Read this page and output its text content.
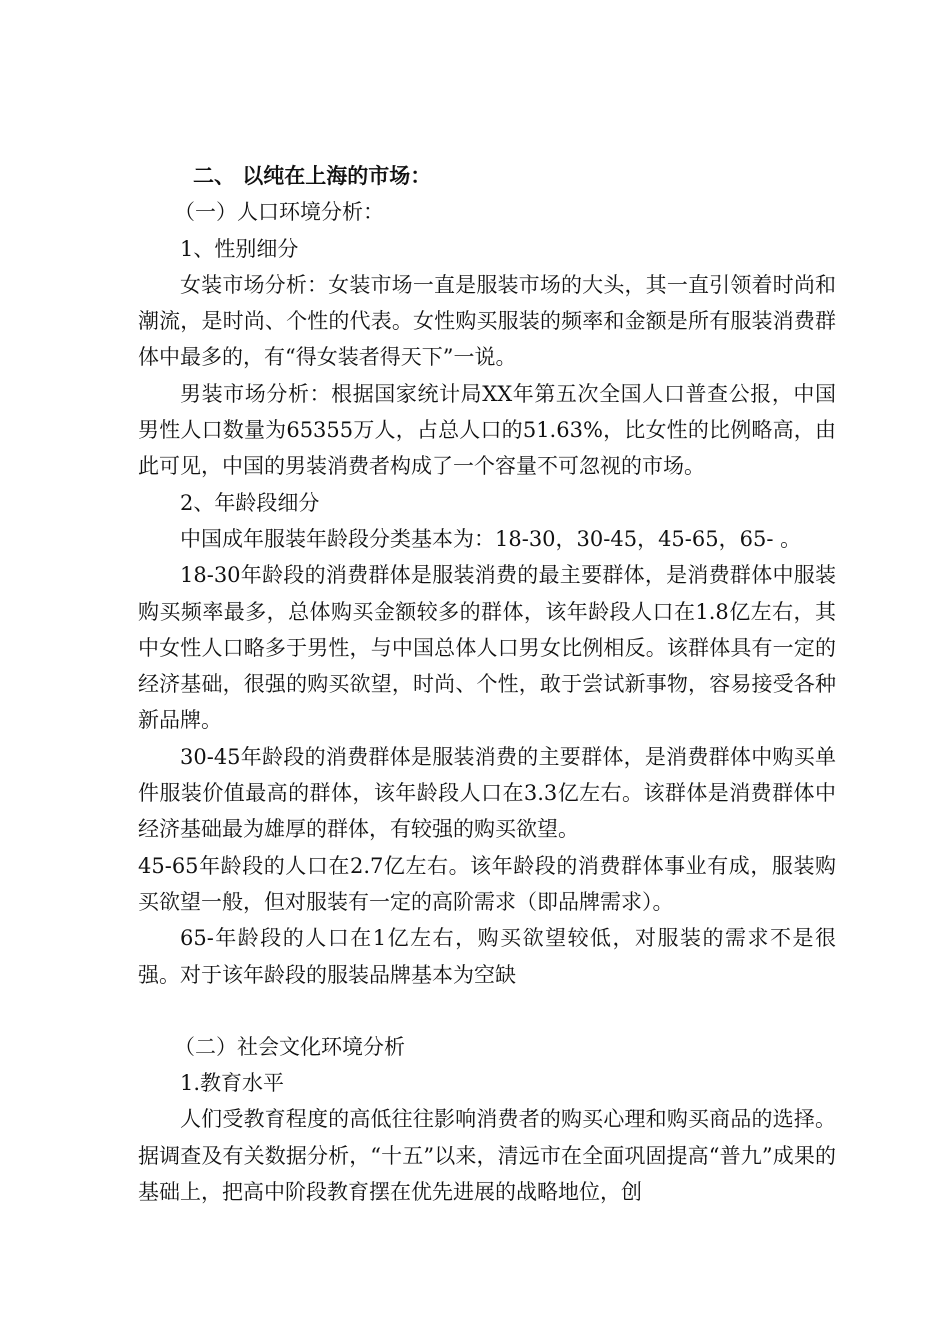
二、 以纯在上海的市场：

（一）人口环境分析：

1、性别细分

女装市场分析：女装市场一直是服装市场的大头，其一直引领着时尚和潮流，是时尚、个性的代表。女性购买服装的频率和金额是所有服装消费群体中最多的，有“得女装者得天下”一说。

男装市场分析：根据国家统计局XX年第五次全国人口普查公报，中国男性人口数量为65355万人，占总人口的51.63%，比女性的比例略高，由此可见，中国的男装消费者构成了一个容量不可忽视的市场。

2、年龄段细分

中国成年服装年龄段分类基本为：18-30，30-45，45-65，65- 。

18-30年龄段的消费群体是服装消费的最主要群体，是消费群体中服装购买频率最多，总体购买金额较多的群体，该年龄段人口在1.8亿左右，其中女性人口略多于男性，与中国总体人口男女比例相反。该群体具有一定的经济基础，很强的购买欲望，时尚、个性，敢于尝试新事物，容易接受各种新品牌。

30-45年龄段的消费群体是服装消费的主要群体，是消费群体中购买单件服装价值最高的群体，该年龄段人口在3.3亿左右。该群体是消费群体中经济基础最为雄厚的群体，有较强的购买欲望。

45-65年龄段的人口在2.7亿左右。该年龄段的消费群体事业有成，服装购买欲望一般，但对服装有一定的高阶需求（即品牌需求）。

65-年龄段的人口在1亿左右，购买欲望较低，对服装的需求不是很强。对于该年龄段的服装品牌基本为空缺

（二）社会文化环境分析

1.教育水平

人们受教育程度的高低往往影响消费者的购买心理和购买商品的选择。据调查及有关数据分析，“十五”以来，清远市在全面巩固提高“普九”成果的基础上，把高中阶段教育摆在优先进展的战略地位，创
